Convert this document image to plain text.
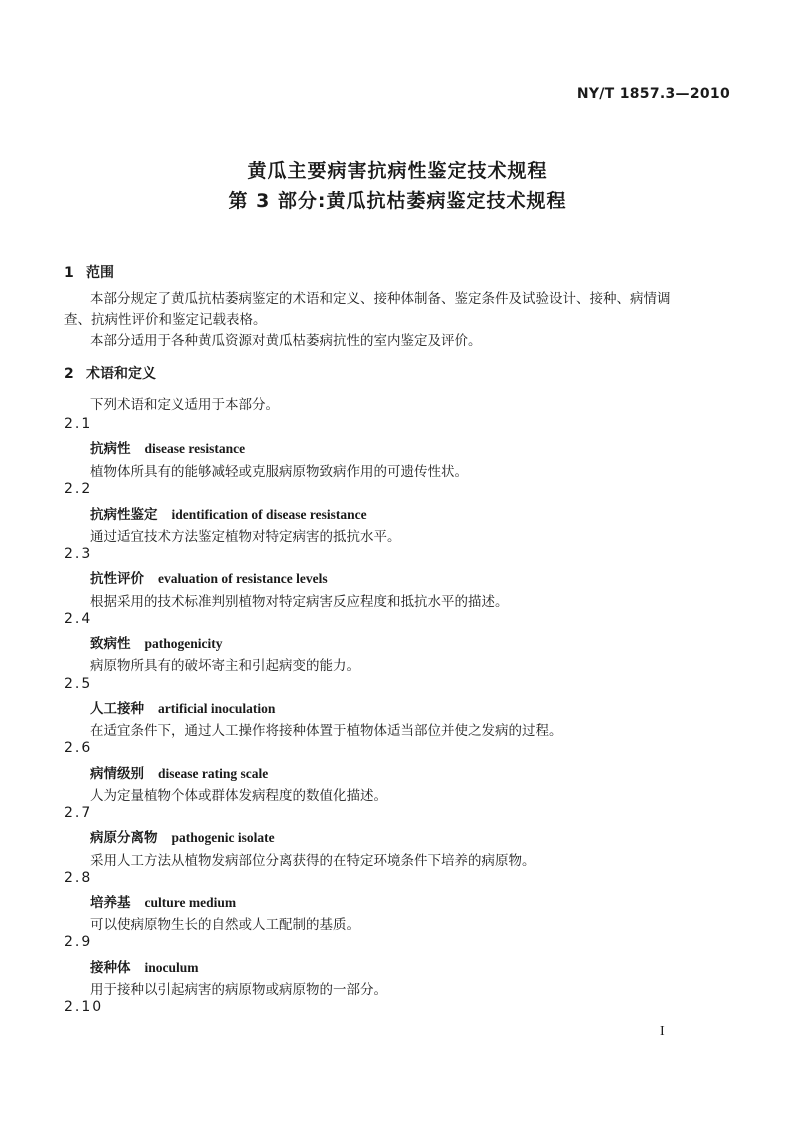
NY/T 1857.3—2010
黄瓜主要病害抗病性鉴定技术规程
第 3 部分:黄瓜抗枯萎病鉴定技术规程
1 范围
本部分规定了黄瓜抗枯萎病鉴定的术语和定义、接种体制备、鉴定条件及试验设计、接种、病情调
查、抗病性评价和鉴定记载表格。
本部分适用于各种黄瓜资源对黄瓜枯萎病抗性的室内鉴定及评价。
2 术语和定义
下列术语和定义适用于本部分。
2.1
抗病性 disease resistance
植物体所具有的能够减轻或克服病原物致病作用的可遗传性状。
2.2
抗病性鉴定 identification of disease resistance
通过适宜技术方法鉴定植物对特定病害的抵抗水平。
2.3
抗性评价 evaluation of resistance levels
根据采用的技术标准判别植物对特定病害反应程度和抵抗水平的描述。
2.4
致病性 pathogenicity
病原物所具有的破坏寄主和引起病变的能力。
2.5
人工接种 artificial inoculation
在适宜条件下，通过人工操作将接种体置于植物体适当部位并使之发病的过程。
2.6
病情级别 disease rating scale
人为定量植物个体或群体发病程度的数值化描述。
2.7
病原分离物 pathogenic isolate
采用人工方法从植物发病部位分离获得的在特定环境条件下培养的病原物。
2.8
培养基 culture medium
可以使病原物生长的自然或人工配制的基质。
2.9
接种体 inoculum
用于接种以引起病害的病原物或病原物的一部分。
2.10
I
